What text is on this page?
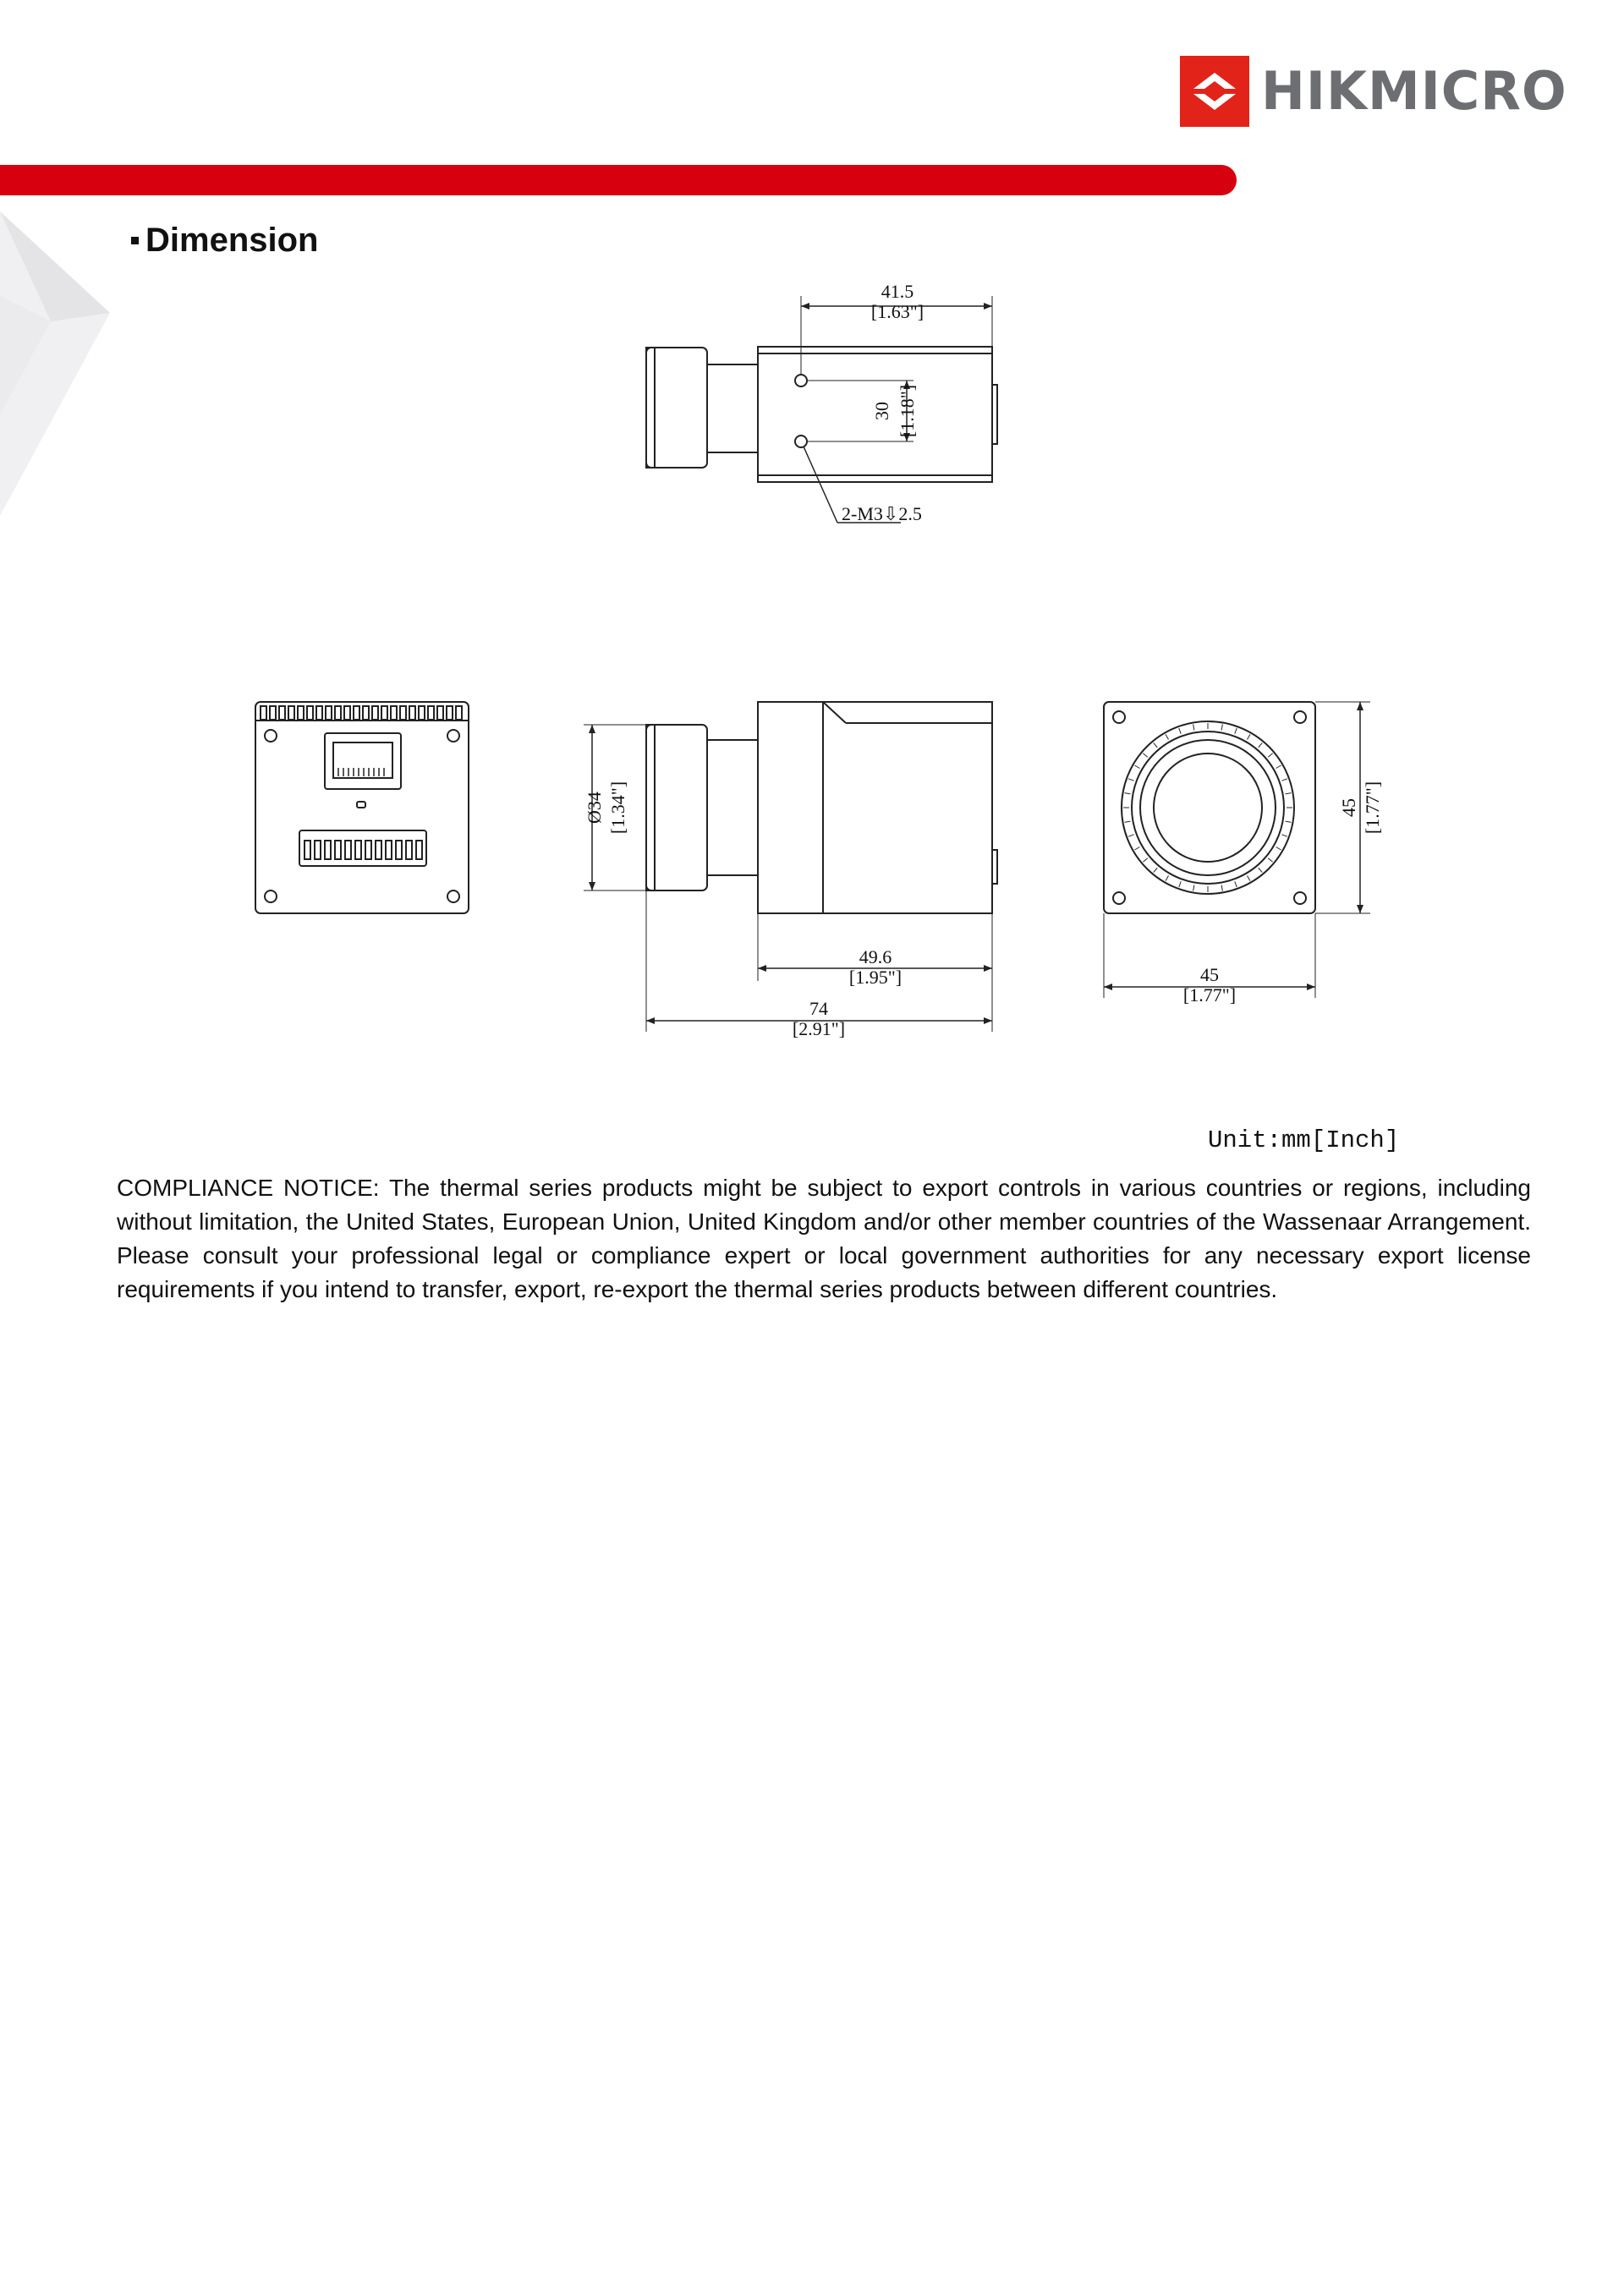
HIKMICRO
Dimension
41.5
[1.63"]
30 [1.18"]
2-M3⇩2.5
Ø34 [1.34"]
49.6
[1.95"]
74
[2.91"]
45
[1.77"]
45 [1.77"]
Unit:mm[Inch]

COMPLIANCE NOTICE: The thermal series products might be subject to export controls in various countries or regions, including without limitation, the United States, European Union, United Kingdom and/or other member countries of the Wassenaar Arrangement. Please consult your professional legal or compliance expert or local government authorities for any necessary export license requirements if you intend to transfer, export, re-export the thermal series products between different countries.
